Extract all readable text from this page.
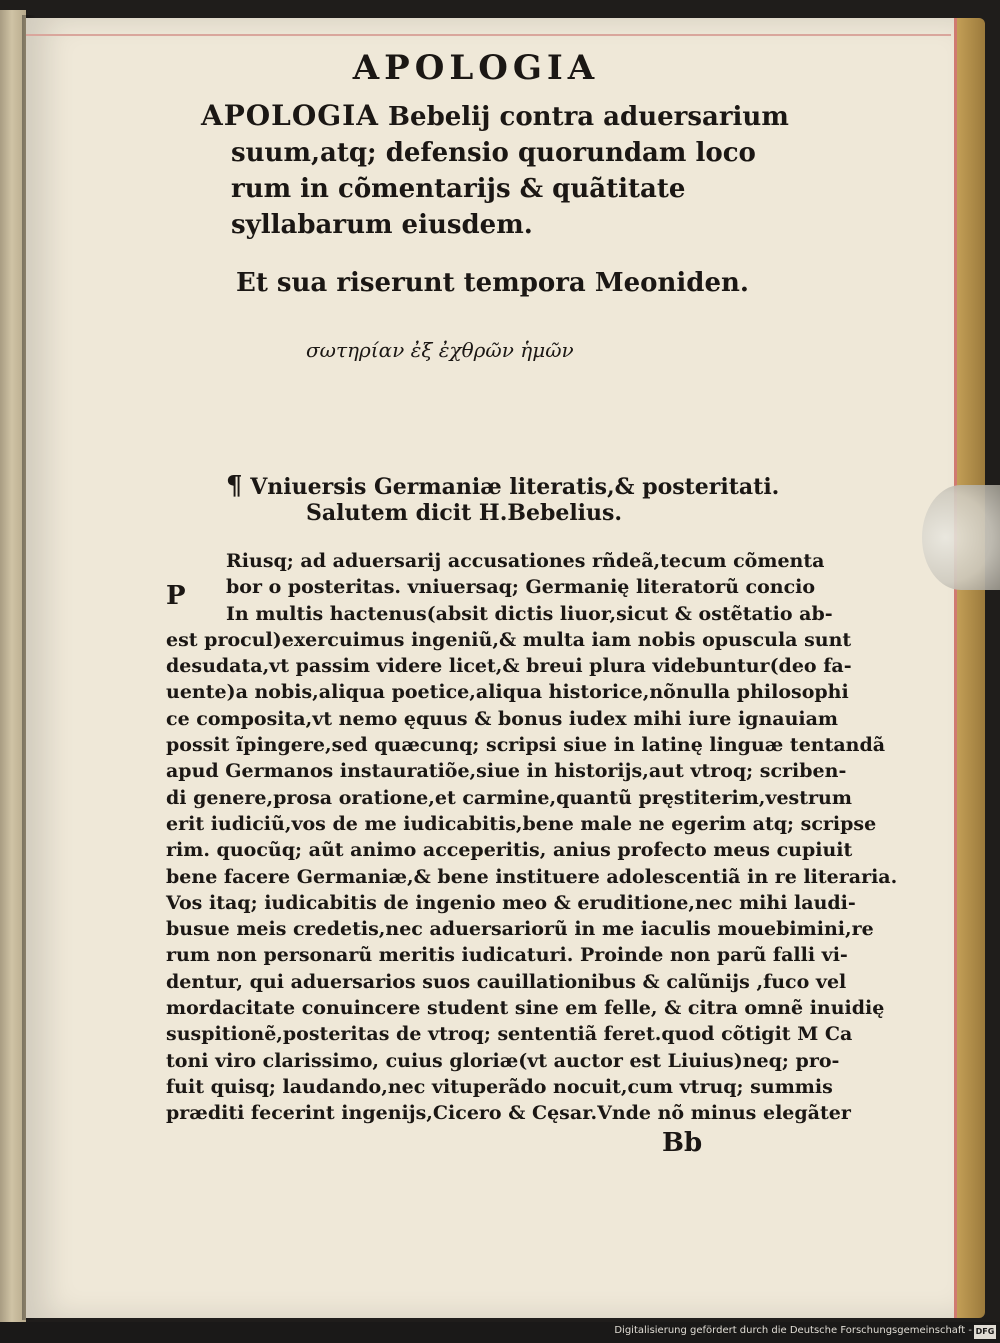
APOLOGIA
APOLOGIA Bebelij contra aduersarium
suum,atq; defensio quorundam loco
rum in cõmentarijs & quãtitate
syllabarum eiusdem.
Et sua riserunt tempora Meoniden.
σωτηρίαν ἐξ ἐχθρῶν ἡμῶν
¶ Vniuersis Germaniæ literatis,& posteritati.
Salutem dicit H.Bebelius.
P
Riusq; ad aduersarij accusationes rñdeã,tecum cõmenta
bor o posteritas. vniuersaq; Germanię literatorũ concio
In multis hactenus(absit dictis liuor,sicut & ostẽtatio ab-
est procul)exercuimus ingeniũ,& multa iam nobis opuscula sunt
desudata,vt passim videre licet,& breui plura videbuntur(deo fa-
uente)a nobis,aliqua poetice,aliqua historice,nõnulla philosophi
ce composita,vt nemo ęquus & bonus iudex mihi iure ignauiam
possit ĩpingere,sed quæcunq; scripsi siue in latinę linguæ tentandã
apud Germanos instauratiõe,siue in historijs,aut vtroq; scriben-
di genere,prosa oratione,et carmine,quantũ pręstiterim,vestrum
erit iudiciũ,vos de me iudicabitis,bene male ne egerim atq; scripse
rim. quocũq; aũt animo acceperitis, anius profecto meus cupiuit
bene facere Germaniæ,& bene instituere adolescentiã in re literaria.
Vos itaq; iudicabitis de ingenio meo & eruditione,nec mihi laudi-
busue meis credetis,nec aduersariorũ in me iaculis mouebimini,re
rum non personarũ meritis iudicaturi. Proinde non parũ falli vi-
dentur, qui aduersarios suos cauillationibus & calũnijs ,fuco vel
mordacitate conuincere student sine em felle, & citra omnẽ inuidię
suspitionẽ,posteritas de vtroq; sententiã feret.quod cõtigit M Ca
toni viro clarissimo, cuius gloriæ(vt auctor est Liuius)neq; pro-
fuit quisq; laudando,nec vituperãdo nocuit,cum vtruq; summis
præditi fecerint ingenijs,Cicero & Cęsar.Vnde nõ minus elegãter
Bb
Digitalisierung gefördert durch die Deutsche Forschungsgemeinschaft - DFG
